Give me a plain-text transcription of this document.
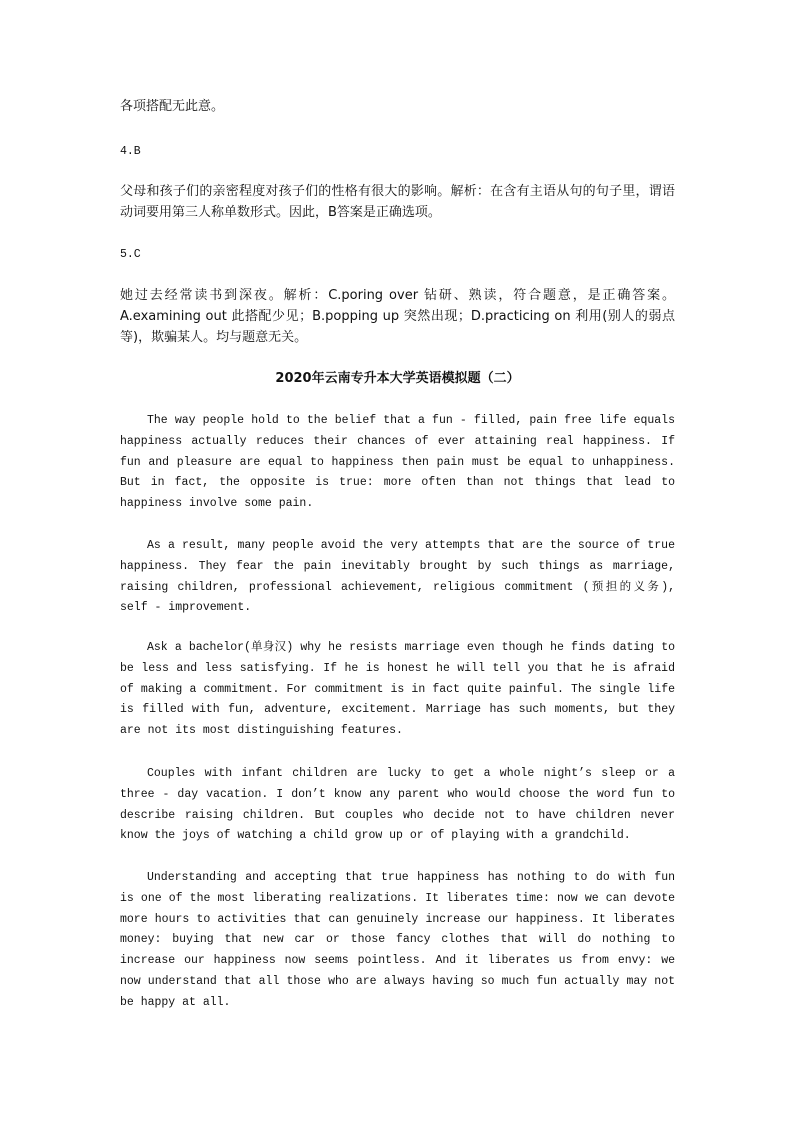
各项搭配无此意。

4.B

父母和孩子们的亲密程度对孩子们的性格有很大的影响。解析：在含有主语从句的句子里，谓语动词要用第三人称单数形式。因此，B答案是正确选项。

5.C

她过去经常读书到深夜。解析：C.poring over 钻研、熟读，符合题意，是正确答案。A.examining out 此搭配少见；B.popping up 突然出现；D.practicing on 利用(别人的弱点等)，欺骗某人。均与题意无关。

2020年云南专升本大学英语模拟题（二）

The way people hold to the belief that a fun - filled, pain free life equals happiness actually reduces their chances of ever attaining real happiness. If fun and pleasure are equal to happiness then pain must be equal to unhappiness. But in fact, the opposite is true: more often than not things that lead to happiness involve some pain.

As a result, many people avoid the very attempts that are the source of true happiness. They fear the pain inevitably brought by such things as marriage, raising children, professional achievement, religious commitment (预担的义务), self - improvement.

Ask a bachelor(单身汉) why he resists marriage even though he finds dating to be less and less satisfying. If he is honest he will tell you that he is afraid of making a commitment. For commitment is in fact quite painful. The single life is filled with fun, adventure, excitement. Marriage has such moments, but they are not its most distinguishing features.

Couples with infant children are lucky to get a whole night’s sleep or a three - day vacation. I don’t know any parent who would choose the word fun to describe raising children. But couples who decide not to have children never know the joys of watching a child grow up or of playing with a grandchild.

Understanding and accepting that true happiness has nothing to do with fun is one of the most liberating realizations. It liberates time: now we can devote more hours to activities that can genuinely increase our happiness. It liberates money: buying that new car or those fancy clothes that will do nothing to increase our happiness now seems pointless. And it liberates us from envy: we now understand that all those who are always having so much fun actually may not be happy at all.
